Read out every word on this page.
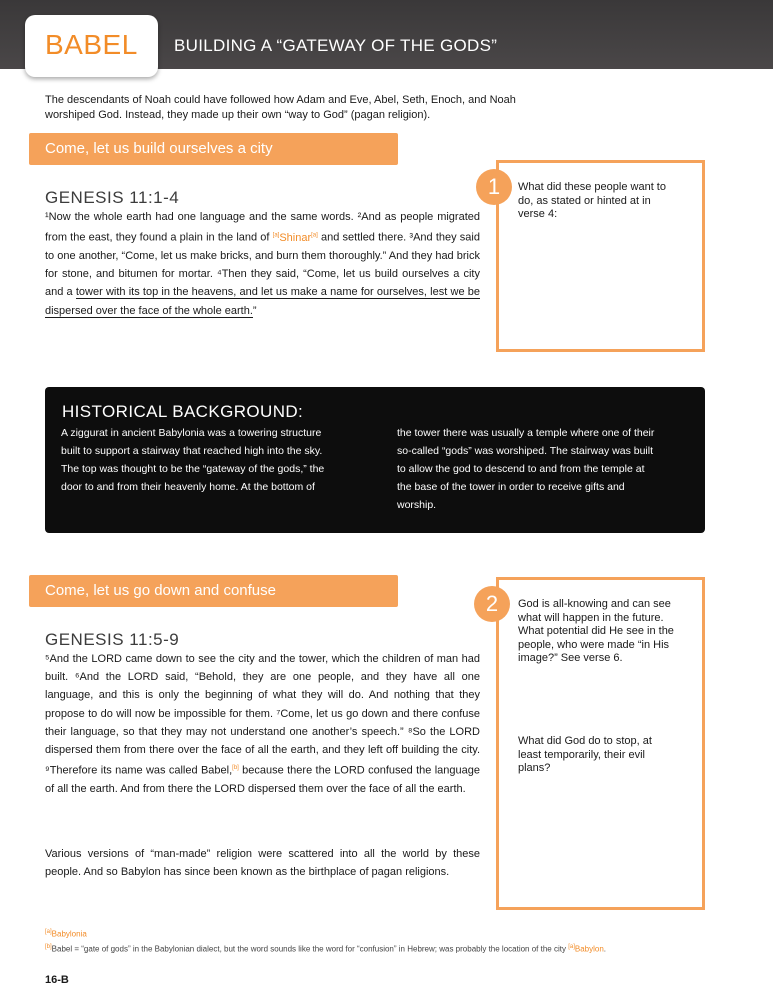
BABEL BUILDING A “GATEWAY OF THE GODS”
The descendants of Noah could have followed how Adam and Eve, Abel, Seth, Enoch, and Noah worshiped God. Instead, they made up their own “way to God” (pagan religion).
Come, let us build ourselves a city
GENESIS 11:1-4
¹Now the whole earth had one language and the same words. ²And as people migrated from the east, they found a plain in the land of [a]Shinar[a] and settled there. ³And they said to one another, “Come, let us make bricks, and burn them thoroughly.” And they had brick for stone, and bitumen for mortar. ⁴Then they said, “Come, let us build ourselves a city and a tower with its top in the heavens, and let us make a name for ourselves, lest we be dispersed over the face of the whole earth.”
1	What did these people want to do, as stated or hinted at in verse 4:
HISTORICAL BACKGROUND:
A ziggurat in ancient Babylonia was a towering structure built to support a stairway that reached high into the sky. The top was thought to be the “gateway of the gods,” the door to and from their heavenly home. At the bottom of
the tower there was usually a temple where one of their so-called “gods” was worshiped. The stairway was built to allow the god to descend to and from the temple at the base of the tower in order to receive gifts and worship.
Come, let us go down and confuse
GENESIS 11:5-9
⁵And the LORD came down to see the city and the tower, which the children of man had built. ⁶And the LORD said, “Behold, they are one people, and they have all one language, and this is only the beginning of what they will do. And nothing that they propose to do will now be impossible for them. ⁷Come, let us go down and there confuse their language, so that they may not understand one another’s speech.” ⁸So the LORD dispersed them from there over the face of all the earth, and they left off building the city. ⁹Therefore its name was called Babel,[b] because there the LORD confused the language of all the earth. And from there the LORD dispersed them over the face of all the earth.
Various versions of “man-made” religion were scattered into all the world by these people. And so Babylon has since been known as the birthplace of pagan religions.
2	God is all-knowing and can see what will happen in the future. What potential did He see in the people, who were made “in His image?” See verse 6.
What did God do to stop, at least temporarily, their evil plans?
[a]Babylonia
[b]Babel = “gate of gods” in the Babylonian dialect, but the word sounds like the word for “confusion” in Hebrew; was probably the location of the city [a]Babylon.
16-B
